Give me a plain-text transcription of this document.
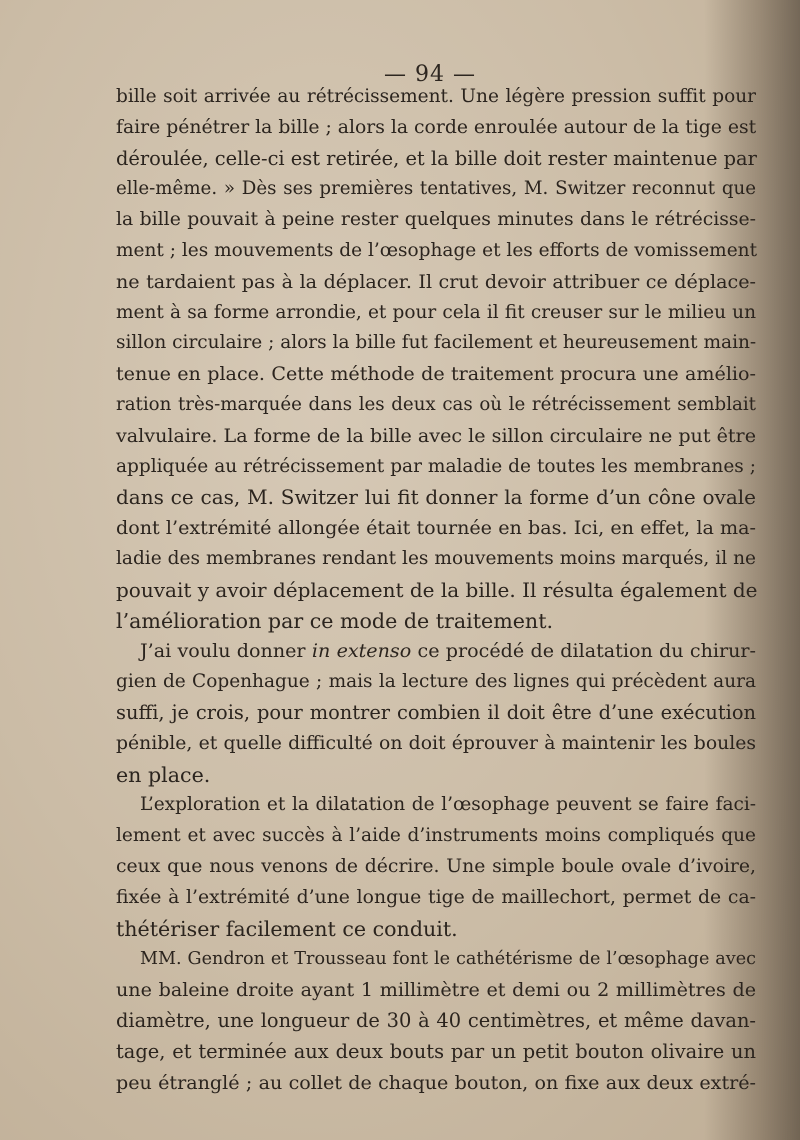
— 94 —
bille soit arrivée au rétrécissement. Une légère pression suffit pour
faire pénétrer la bille ; alors la corde enroulée autour de la tige est
déroulée, celle-ci est retirée, et la bille doit rester maintenue par
elle-même. » Dès ses premières tentatives, M. Switzer reconnut que
la bille pouvait à peine rester quelques minutes dans le rétrécisse-
ment ; les mouvements de l’œsophage et les efforts de vomissement
ne tardaient pas à la déplacer. Il crut devoir attribuer ce déplace-
ment à sa forme arrondie, et pour cela il fit creuser sur le milieu un
sillon circulaire ; alors la bille fut facilement et heureusement main-
tenue en place. Cette méthode de traitement procura une amélio-
ration très-marquée dans les deux cas où le rétrécissement semblait
valvulaire. La forme de la bille avec le sillon circulaire ne put être
appliquée au rétrécissement par maladie de toutes les membranes ;
dans ce cas, M. Switzer lui fit donner la forme d’un cône ovale
dont l’extrémité allongée était tournée en bas. Ici, en effet, la ma-
ladie des membranes rendant les mouvements moins marqués, il ne
pouvait y avoir déplacement de la bille. Il résulta également de
l’amélioration par ce mode de traitement.
J’ai voulu donner in extenso ce procédé de dilatation du chirur-
gien de Copenhague ; mais la lecture des lignes qui précèdent aura
suffi, je crois, pour montrer combien il doit être d’une exécution
pénible, et quelle difficulté on doit éprouver à maintenir les boules
en place.
L’exploration et la dilatation de l’œsophage peuvent se faire faci-
lement et avec succès à l’aide d’instruments moins compliqués que
ceux que nous venons de décrire. Une simple boule ovale d’ivoire,
fixée à l’extrémité d’une longue tige de maillechort, permet de ca-
thétériser facilement ce conduit.
MM. Gendron et Trousseau font le cathétérisme de l’œsophage avec
une baleine droite ayant 1 millimètre et demi ou 2 millimètres de
diamètre, une longueur de 30 à 40 centimètres, et même davan-
tage, et terminée aux deux bouts par un petit bouton olivaire un
peu étranglé ; au collet de chaque bouton, on fixe aux deux extré-
